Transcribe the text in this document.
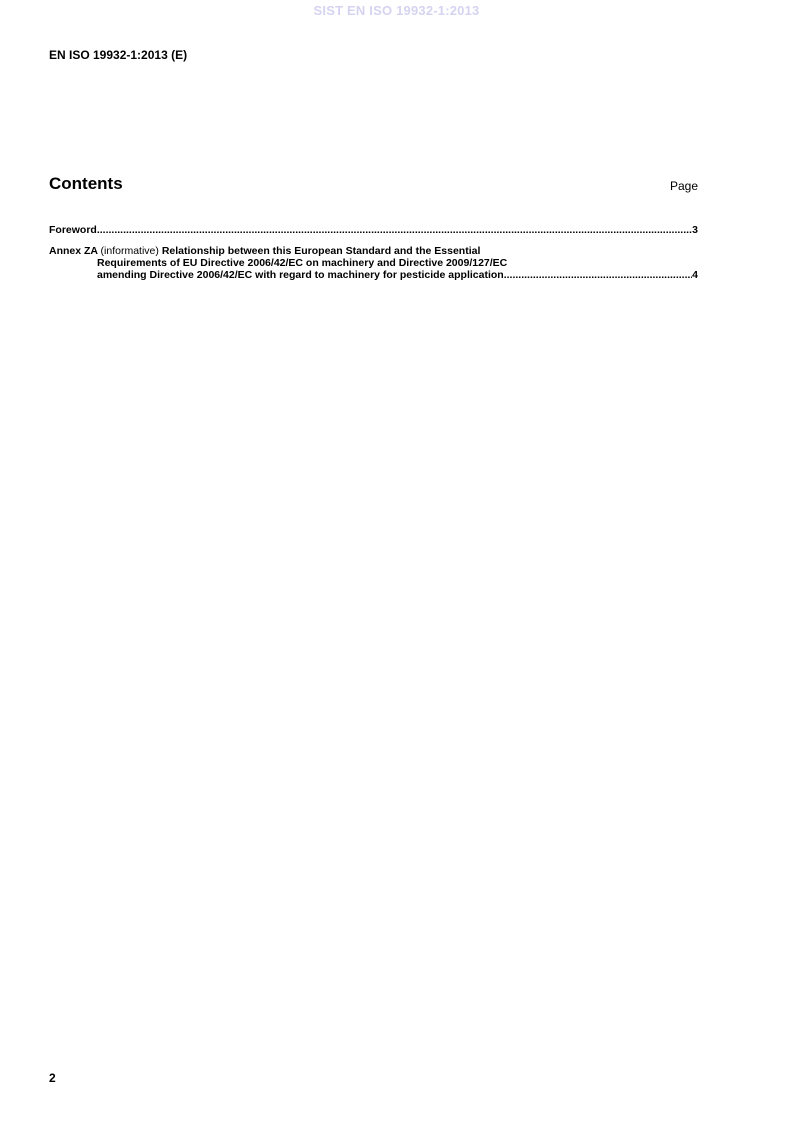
SIST EN ISO 19932-1:2013
EN ISO 19932-1:2013 (E)
Contents	Page
Foreword .....	3
Annex ZA (informative) Relationship between this European Standard and the Essential
Requirements of EU Directive 2006/42/EC on machinery and Directive 2009/127/EC
amending Directive 2006/42/EC with regard to machinery for pesticide application .....	4
2
